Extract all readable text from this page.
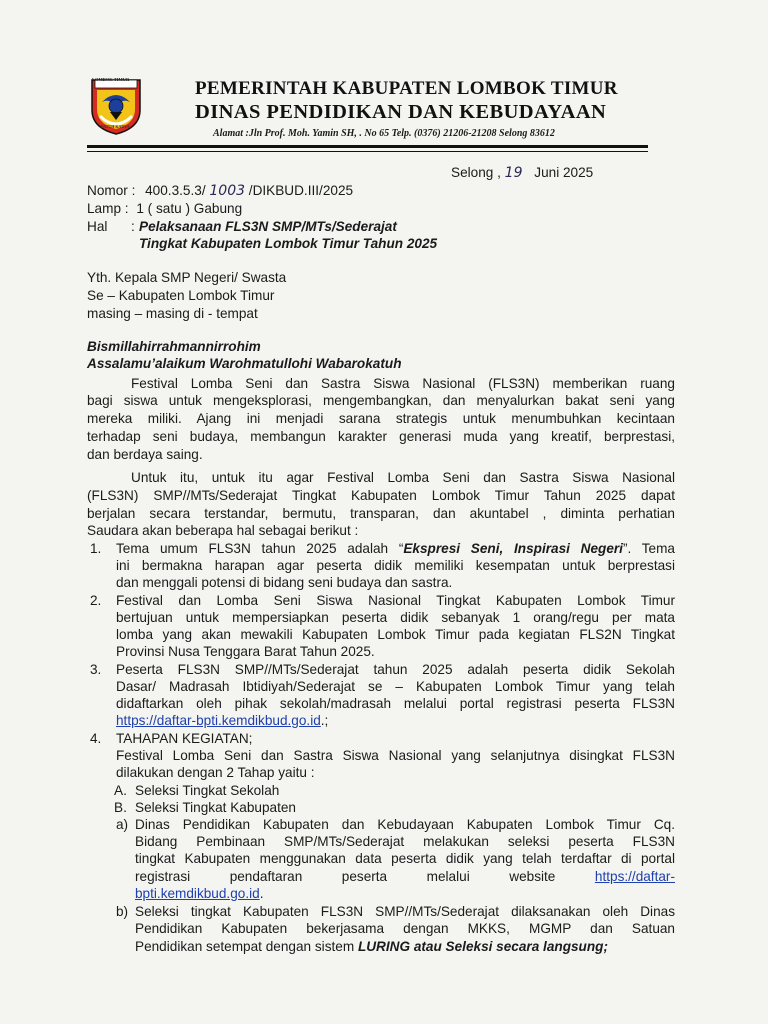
LOMBOK TIMUR
PATUH KARYA
PEMERINTAH KABUPATEN LOMBOK TIMUR
DINAS PENDIDIKAN DAN KEBUDAYAAN
Alamat :Jln Prof. Moh. Yamin SH, . No 65 Telp. (0376) 21206-21208 Selong 83612
Selong , 19 Juni 2025
Nomor : 400.3.5.3/ 1003 /DIKBUD.III/2025
Lamp : 1 ( satu ) Gabung
Hal : Pelaksanaan FLS3N SMP/MTs/Sederajat
Tingkat Kabupaten Lombok Timur Tahun 2025
Yth. Kepala SMP Negeri/ Swasta
Se – Kabupaten Lombok Timur
masing – masing di - tempat
Bismillahirrahmannirrohim
Assalamu’alaikum Warohmatullohi Wabarokatuh
Festival Lomba Seni dan Sastra Siswa Nasional (FLS3N) memberikan ruang
bagi siswa untuk mengeksplorasi, mengembangkan, dan menyalurkan bakat seni yang
mereka miliki. Ajang ini menjadi sarana strategis untuk menumbuhkan kecintaan
terhadap seni budaya, membangun karakter generasi muda yang kreatif, berprestasi,
dan berdaya saing.
Untuk itu, untuk itu agar Festival Lomba Seni dan Sastra Siswa Nasional
(FLS3N) SMP//MTs/Sederajat Tingkat Kabupaten Lombok Timur Tahun 2025 dapat
berjalan secara terstandar, bermutu, transparan, dan akuntabel , diminta perhatian
Saudara akan beberapa hal sebagai berikut :
1. Tema umum FLS3N tahun 2025 adalah “Ekspresi Seni, Inspirasi Negeri”. Tema
ini bermakna harapan agar peserta didik memiliki kesempatan untuk berprestasi
dan menggali potensi di bidang seni budaya dan sastra.
2. Festival dan Lomba Seni Siswa Nasional Tingkat Kabupaten Lombok Timur
bertujuan untuk mempersiapkan peserta didik sebanyak 1 orang/regu per mata
lomba yang akan mewakili Kabupaten Lombok Timur pada kegiatan FLS2N Tingkat
Provinsi Nusa Tenggara Barat Tahun 2025.
3. Peserta FLS3N SMP//MTs/Sederajat tahun 2025 adalah peserta didik Sekolah
Dasar/ Madrasah Ibtidiyah/Sederajat se – Kabupaten Lombok Timur yang telah
didaftarkan oleh pihak sekolah/madrasah melalui portal registrasi peserta FLS3N
https://daftar-bpti.kemdikbud.go.id.;
4. TAHAPAN KEGIATAN;
Festival Lomba Seni dan Sastra Siswa Nasional yang selanjutnya disingkat FLS3N
dilakukan dengan 2 Tahap yaitu :
A. Seleksi Tingkat Sekolah
B. Seleksi Tingkat Kabupaten
a) Dinas Pendidikan Kabupaten dan Kebudayaan Kabupaten Lombok Timur Cq.
Bidang Pembinaan SMP/MTs/Sederajat melakukan seleksi peserta FLS3N
tingkat Kabupaten menggunakan data peserta didik yang telah terdaftar di portal
registrasi	pendaftaran	peserta	melalui	website	https://daftar-
bpti.kemdikbud.go.id.
b) Seleksi tingkat Kabupaten FLS3N SMP//MTs/Sederajat dilaksanakan oleh Dinas
Pendidikan Kabupaten bekerjasama dengan MKKS, MGMP dan Satuan
Pendidikan setempat dengan sistem LURING atau Seleksi secara langsung;
